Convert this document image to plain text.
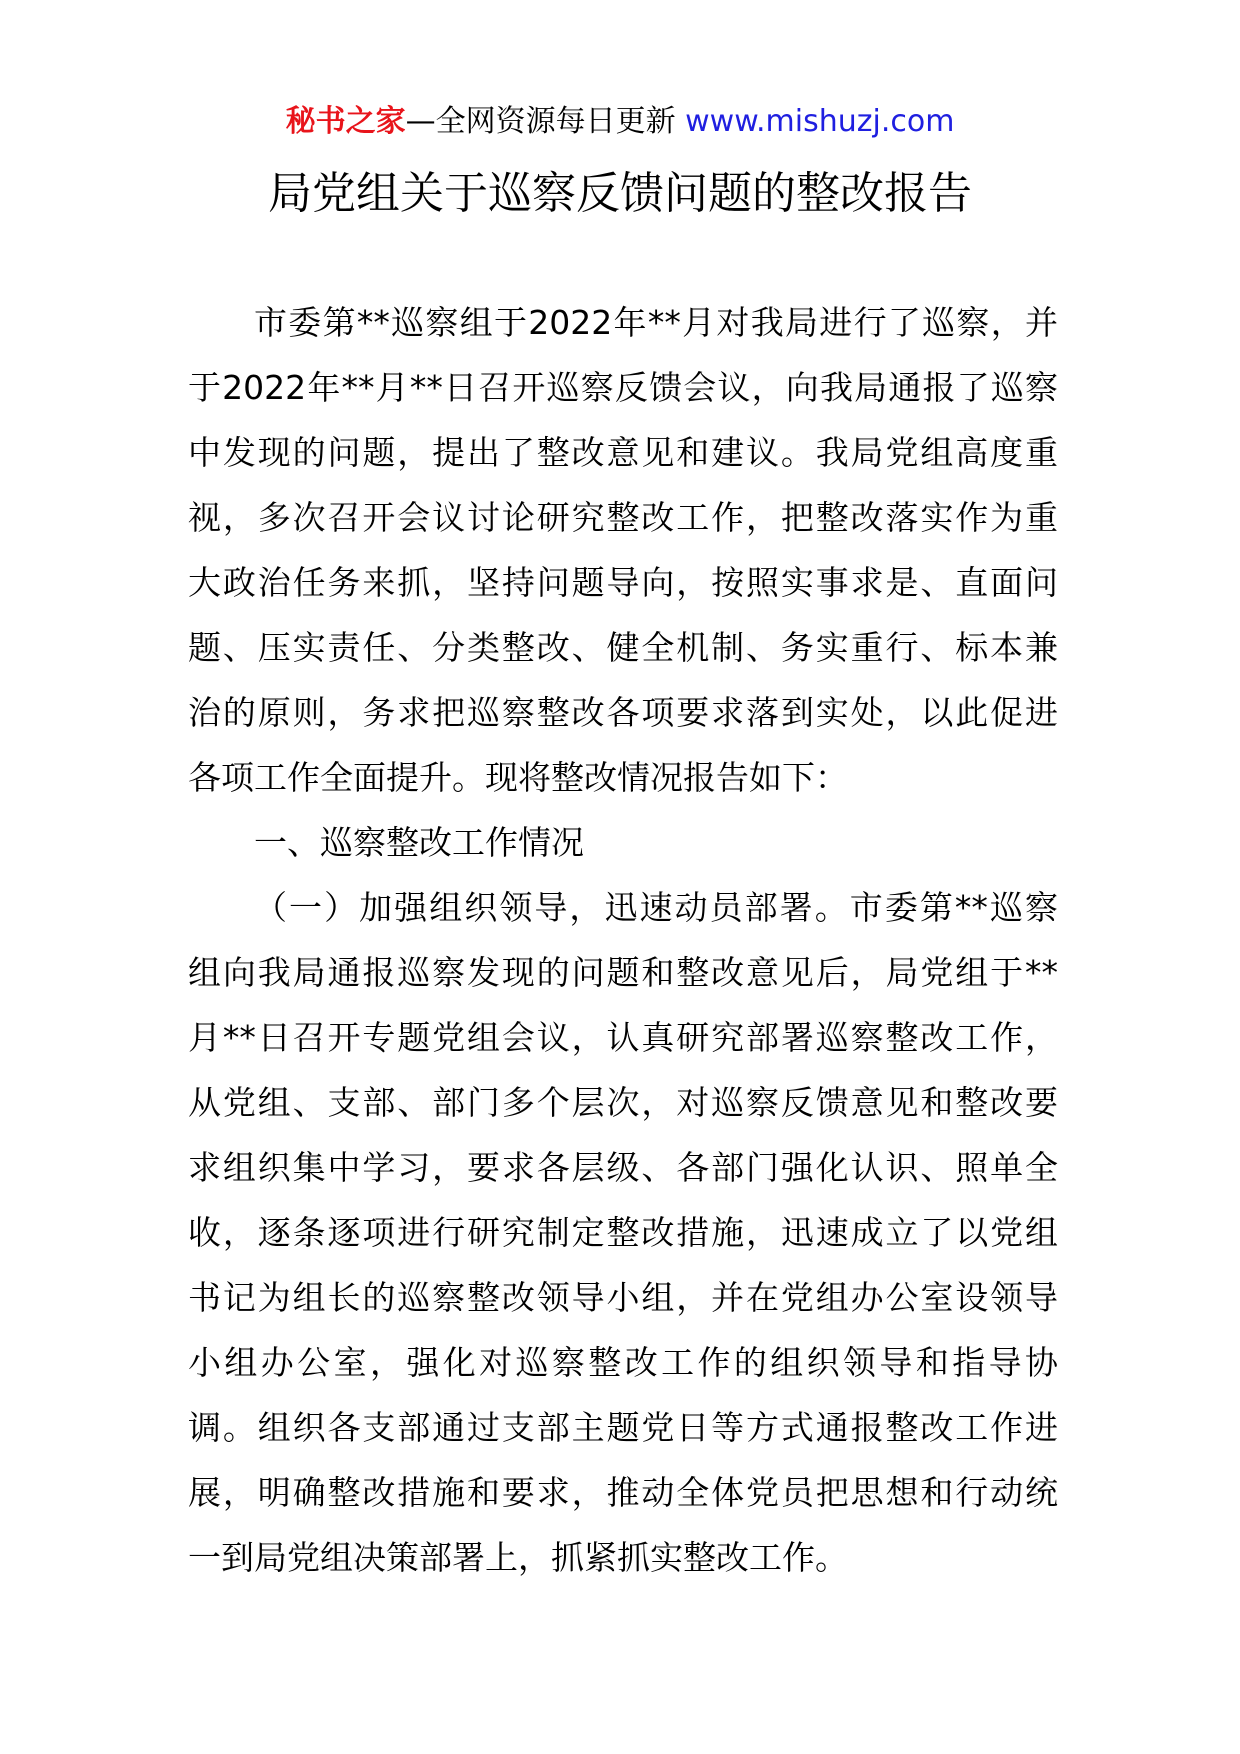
秘书之家—全网资源每日更新 www.mishuzj.com
局党组关于巡察反馈问题的整改报告
市委第**巡察组于2022年**月对我局进行了巡察，并
于2022年**月**日召开巡察反馈会议，向我局通报了巡察
中发现的问题，提出了整改意见和建议。我局党组高度重
视，多次召开会议讨论研究整改工作，把整改落实作为重
大政治任务来抓，坚持问题导向，按照实事求是、直面问
题、压实责任、分类整改、健全机制、务实重行、标本兼
治的原则，务求把巡察整改各项要求落到实处，以此促进
各项工作全面提升。现将整改情况报告如下：
一、巡察整改工作情况
（一）加强组织领导，迅速动员部署。市委第**巡察
组向我局通报巡察发现的问题和整改意见后，局党组于**
月**日召开专题党组会议，认真研究部署巡察整改工作，
从党组、支部、部门多个层次，对巡察反馈意见和整改要
求组织集中学习，要求各层级、各部门强化认识、照单全
收，逐条逐项进行研究制定整改措施，迅速成立了以党组
书记为组长的巡察整改领导小组，并在党组办公室设领导
小组办公室，强化对巡察整改工作的组织领导和指导协
调。组织各支部通过支部主题党日等方式通报整改工作进
展，明确整改措施和要求，推动全体党员把思想和行动统
一到局党组决策部署上，抓紧抓实整改工作。
